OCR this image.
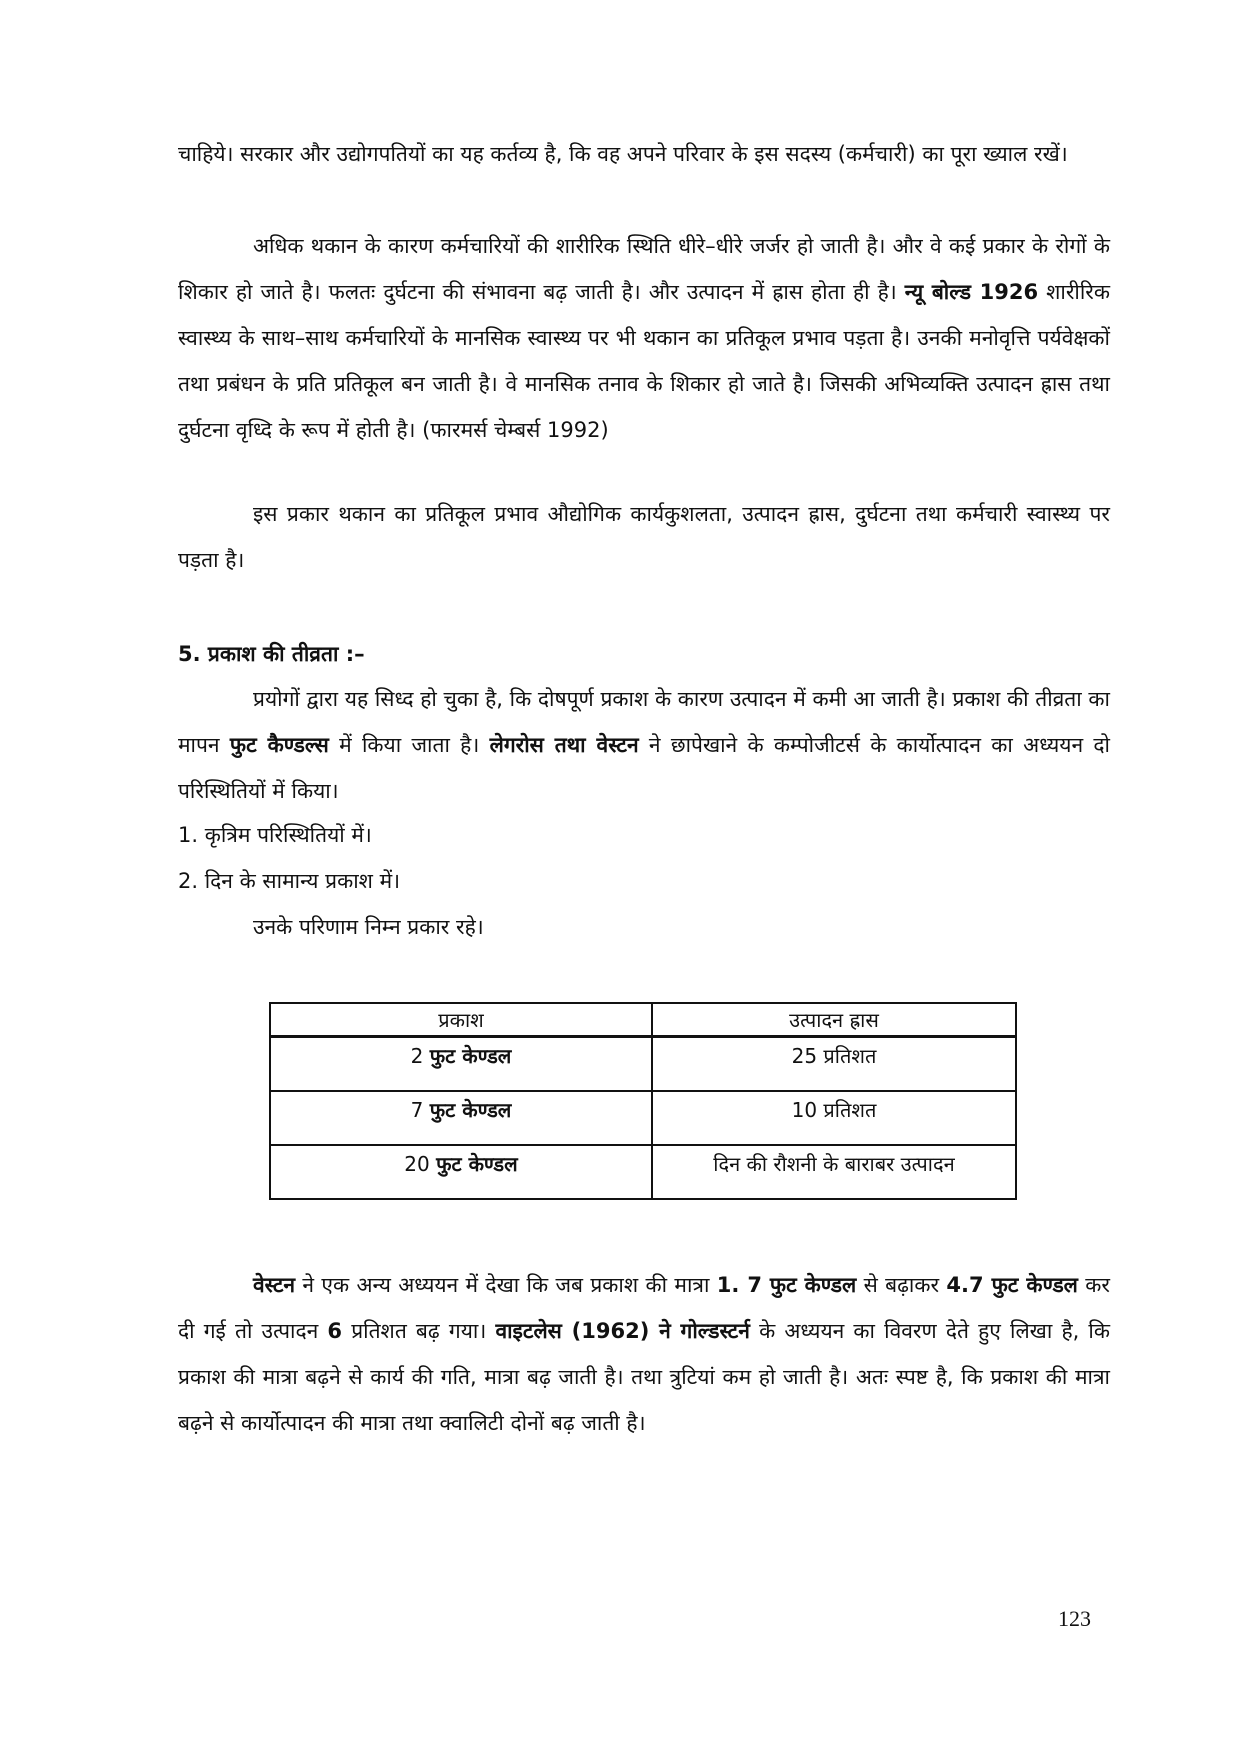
चाहिये। सरकार और उद्योगपतियों का यह कर्तव्य है, कि वह अपने परिवार के इस सदस्य (कर्मचारी) का पूरा ख्याल रखें।
अधिक थकान के कारण कर्मचारियों की शारीरिक स्थिति धीरे–धीरे जर्जर हो जाती है। और वे कई प्रकार के रोगों के शिकार हो जाते है। फलतः दुर्घटना की संभावना बढ़ जाती है। और उत्पादन में ह्रास होता ही है। न्यू बोल्ड 1926 शारीरिक स्वास्थ्य के साथ–साथ कर्मचारियों के मानसिक स्वास्थ्य पर भी थकान का प्रतिकूल प्रभाव पड़ता है। उनकी मनोवृत्ति पर्यवेक्षकों तथा प्रबंधन के प्रति प्रतिकूल बन जाती है। वे मानसिक तनाव के शिकार हो जाते है। जिसकी अभिव्यक्ति उत्पादन ह्रास तथा दुर्घटना वृध्दि के रूप में होती है। (फारमर्स चेम्बर्स 1992)
इस प्रकार थकान का प्रतिकूल प्रभाव औद्योगिक कार्यकुशलता, उत्पादन ह्रास, दुर्घटना तथा कर्मचारी स्वास्थ्य पर पड़ता है।
5. प्रकाश की तीव्रता :–
प्रयोगों द्वारा यह सिध्द हो चुका है, कि दोषपूर्ण प्रकाश के कारण उत्पादन में कमी आ जाती है। प्रकाश की तीव्रता का मापन फुट कैण्डल्स में किया जाता है। लेगरोस तथा वेस्टन ने छापेखाने के कम्पोजीटर्स के कार्योत्पादन का अध्ययन दो परिस्थितियों में किया।
1. कृत्रिम परिस्थितियों में।
2. दिन के सामान्य प्रकाश में।
उनके परिणाम निम्न प्रकार रहे।
प्रकाश	उत्पादन ह्रास
2 फुट केण्डल	25 प्रतिशत
7 फुट केण्डल	10 प्रतिशत
20 फुट केण्डल	दिन की रौशनी के बाराबर उत्पादन
वेस्टन ने एक अन्य अध्ययन में देखा कि जब प्रकाश की मात्रा 1. 7 फुट केण्डल से बढ़ाकर 4.7 फुट केण्डल कर दी गई तो उत्पादन 6 प्रतिशत बढ़ गया। वाइटलेस (1962) ने गोल्डस्टर्न के अध्ययन का विवरण देते हुए लिखा है, कि प्रकाश की मात्रा बढ़ने से कार्य की गति, मात्रा बढ़ जाती है। तथा त्रुटियां कम हो जाती है। अतः स्पष्ट है, कि प्रकाश की मात्रा बढ़ने से कार्योत्पादन की मात्रा तथा क्वालिटी दोनों बढ़ जाती है।
123
